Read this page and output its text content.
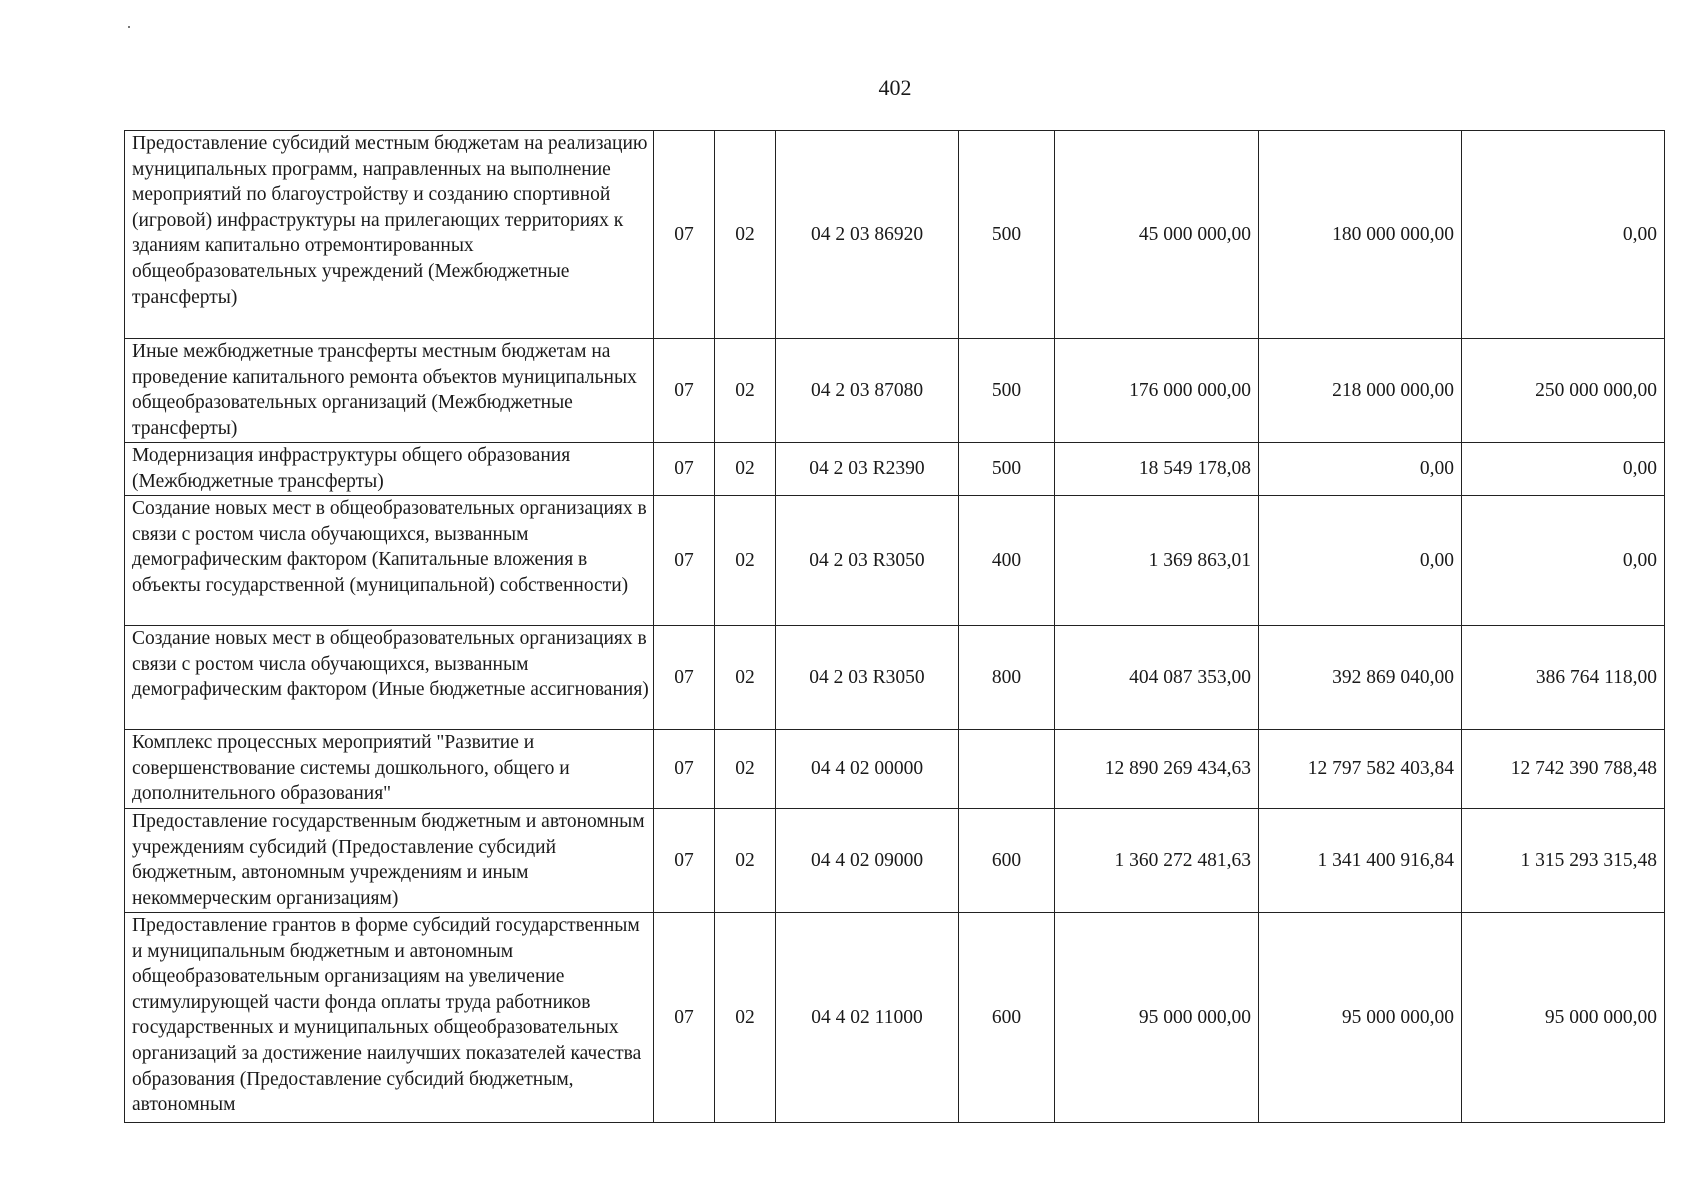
402
Предоставление субсидий местным бюджетам на реализацию муниципальных программ, направленных на выполнение мероприятий по благоустройству и созданию спортивной (игровой) инфраструктуры на прилегающих территориях к зданиям капитально отремонтированных общеобразовательных учреждений (Межбюджетные трансферты)	07	02	04 2 03 86920	500	45 000 000,00	180 000 000,00	0,00
Иные межбюджетные трансферты местным бюджетам на проведение капитального ремонта объектов муниципальных общеобразовательных организаций (Межбюджетные трансферты)	07	02	04 2 03 87080	500	176 000 000,00	218 000 000,00	250 000 000,00
Модернизация инфраструктуры общего образования (Межбюджетные трансферты)	07	02	04 2 03 R2390	500	18 549 178,08	0,00	0,00
Создание новых мест в общеобразовательных организациях в связи с ростом числа обучающихся, вызванным демографическим фактором (Капитальные вложения в объекты государственной (муниципальной) собственности)	07	02	04 2 03 R3050	400	1 369 863,01	0,00	0,00
Создание новых мест в общеобразовательных организациях в связи с ростом числа обучающихся, вызванным демографическим фактором (Иные бюджетные ассигнования)	07	02	04 2 03 R3050	800	404 087 353,00	392 869 040,00	386 764 118,00
Комплекс процессных мероприятий "Развитие и совершенствование системы дошкольного, общего и дополнительного образования"	07	02	04 4 02 00000		12 890 269 434,63	12 797 582 403,84	12 742 390 788,48
Предоставление государственным бюджетным и автономным учреждениям субсидий (Предоставление субсидий бюджетным, автономным учреждениям и иным некоммерческим организациям)	07	02	04 4 02 09000	600	1 360 272 481,63	1 341 400 916,84	1 315 293 315,48
Предоставление грантов в форме субсидий государственным и муниципальным бюджетным и автономным общеобразовательным организациям на увеличение стимулирующей части фонда оплаты труда работников государственных и муниципальных общеобразовательных организаций за достижение наилучших показателей качества образования (Предоставление субсидий бюджетным, автономным	07	02	04 4 02 11000	600	95 000 000,00	95 000 000,00	95 000 000,00
